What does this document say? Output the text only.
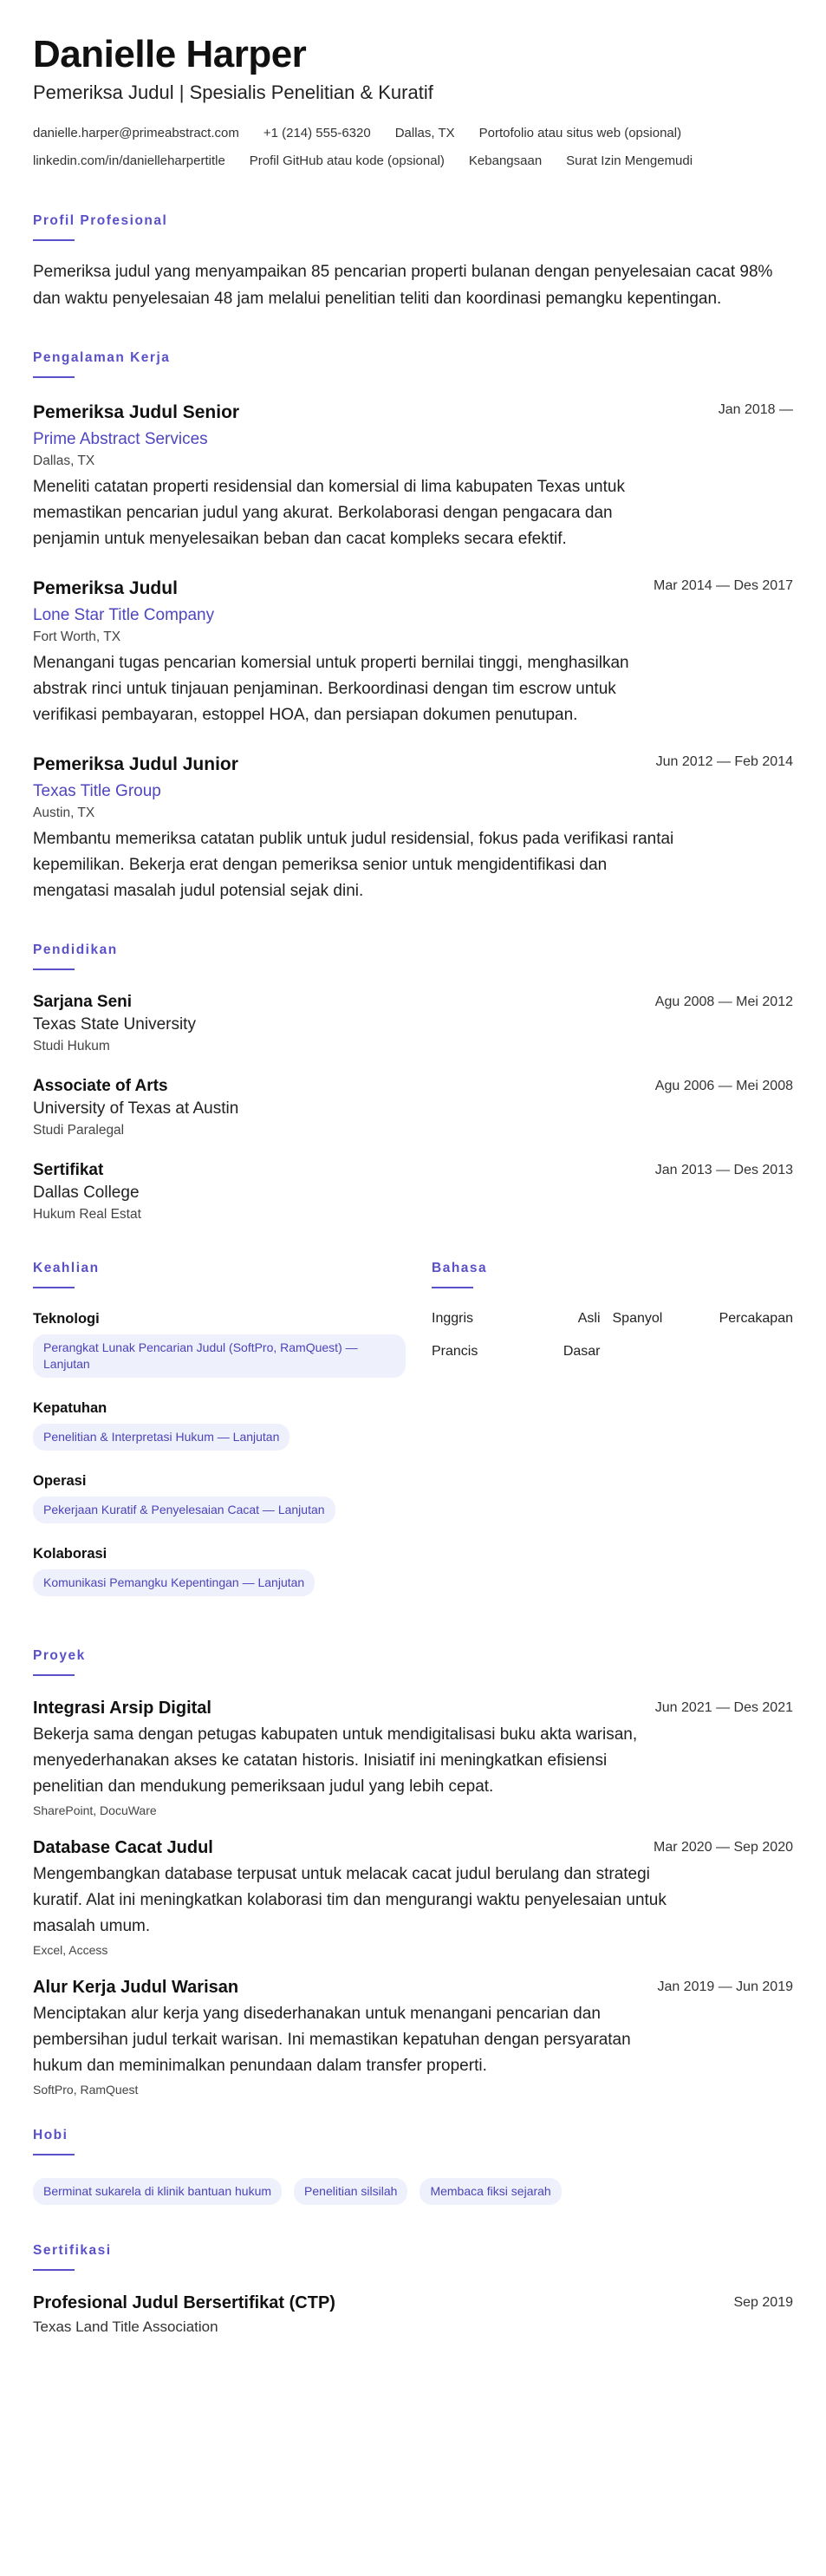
Danielle Harper
Pemeriksa Judul | Spesialis Penelitian & Kuratif
danielle.harper@primeabstract.com +1 (214) 555-6320 Dallas, TX Portofolio atau situs web (opsional)
linkedin.com/in/danielleharpertitle Profil GitHub atau kode (opsional) Kebangsaan Surat Izin Mengemudi
Profil Profesional
Pemeriksa judul yang menyampaikan 85 pencarian properti bulanan dengan penyelesaian cacat 98% dan waktu penyelesaian 48 jam melalui penelitian teliti dan koordinasi pemangku kepentingan.
Pengalaman Kerja
Pemeriksa Judul Senior	Jan 2018 —
Prime Abstract Services
Dallas, TX
Meneliti catatan properti residensial dan komersial di lima kabupaten Texas untuk memastikan pencarian judul yang akurat. Berkolaborasi dengan pengacara dan penjamin untuk menyelesaikan beban dan cacat kompleks secara efektif.
Pemeriksa Judul	Mar 2014 — Des 2017
Lone Star Title Company
Fort Worth, TX
Menangani tugas pencarian komersial untuk properti bernilai tinggi, menghasilkan abstrak rinci untuk tinjauan penjaminan. Berkoordinasi dengan tim escrow untuk verifikasi pembayaran, estoppel HOA, dan persiapan dokumen penutupan.
Pemeriksa Judul Junior	Jun 2012 — Feb 2014
Texas Title Group
Austin, TX
Membantu memeriksa catatan publik untuk judul residensial, fokus pada verifikasi rantai kepemilikan. Bekerja erat dengan pemeriksa senior untuk mengidentifikasi dan mengatasi masalah judul potensial sejak dini.
Pendidikan
Sarjana Seni	Agu 2008 — Mei 2012
Texas State University
Studi Hukum
Associate of Arts	Agu 2006 — Mei 2008
University of Texas at Austin
Studi Paralegal
Sertifikat	Jan 2013 — Des 2013
Dallas College
Hukum Real Estat
Keahlian
Teknologi
Perangkat Lunak Pencarian Judul (SoftPro, RamQuest) — Lanjutan
Kepatuhan
Penelitian & Interpretasi Hukum — Lanjutan
Operasi
Pekerjaan Kuratif & Penyelesaian Cacat — Lanjutan
Kolaborasi
Komunikasi Pemangku Kepentingan — Lanjutan
Bahasa
Inggris	Asli Spanyol	Percakapan
Prancis	Dasar
Proyek
Integrasi Arsip Digital	Jun 2021 — Des 2021
Bekerja sama dengan petugas kabupaten untuk mendigitalisasi buku akta warisan, menyederhanakan akses ke catatan historis. Inisiatif ini meningkatkan efisiensi penelitian dan mendukung pemeriksaan judul yang lebih cepat.
SharePoint, DocuWare
Database Cacat Judul	Mar 2020 — Sep 2020
Mengembangkan database terpusat untuk melacak cacat judul berulang dan strategi kuratif. Alat ini meningkatkan kolaborasi tim dan mengurangi waktu penyelesaian untuk masalah umum.
Excel, Access
Alur Kerja Judul Warisan	Jan 2019 — Jun 2019
Menciptakan alur kerja yang disederhanakan untuk menangani pencarian dan pembersihan judul terkait warisan. Ini memastikan kepatuhan dengan persyaratan hukum dan meminimalkan penundaan dalam transfer properti.
SoftPro, RamQuest
Hobi
Berminat sukarela di klinik bantuan hukum	Penelitian silsilah	Membaca fiksi sejarah
Sertifikasi
Profesional Judul Bersertifikat (CTP)	Sep 2019
Texas Land Title Association
